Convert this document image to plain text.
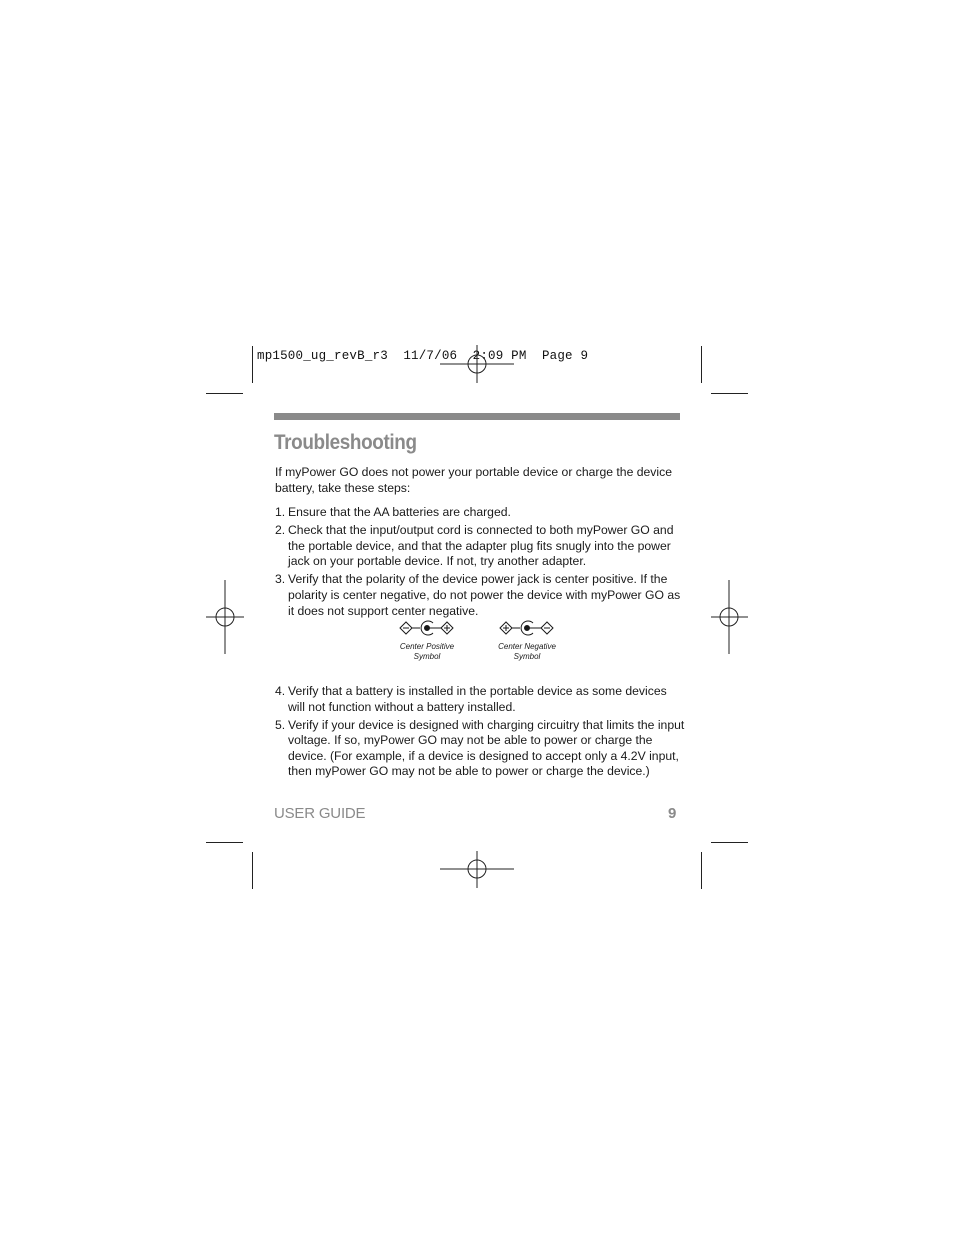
mp1500_ug_revB_r3  11/7/06  2:09 PM  Page 9
Troubleshooting
If myPower GO does not power your portable device or charge the device battery, take these steps:
1. Ensure that the AA batteries are charged.
2. Check that the input/output cord is connected to both myPower GO and the portable device, and that the adapter plug fits snugly into the power jack on your portable device. If not, try another adapter.
3. Verify that the polarity of the device power jack is center positive. If the polarity is center negative, do not power the device with myPower GO as it does not support center negative.
Center Positive
Symbol
Center Negative
Symbol
4. Verify that a battery is installed in the portable device as some devices will not function without a battery installed.
5. Verify if your device is designed with charging circuitry that limits the input voltage. If so, myPower GO may not be able to power or charge the device. (For example, if a device is designed to accept only a 4.2V input, then myPower GO may not be able to power or charge the device.)
USER GUIDE	9
